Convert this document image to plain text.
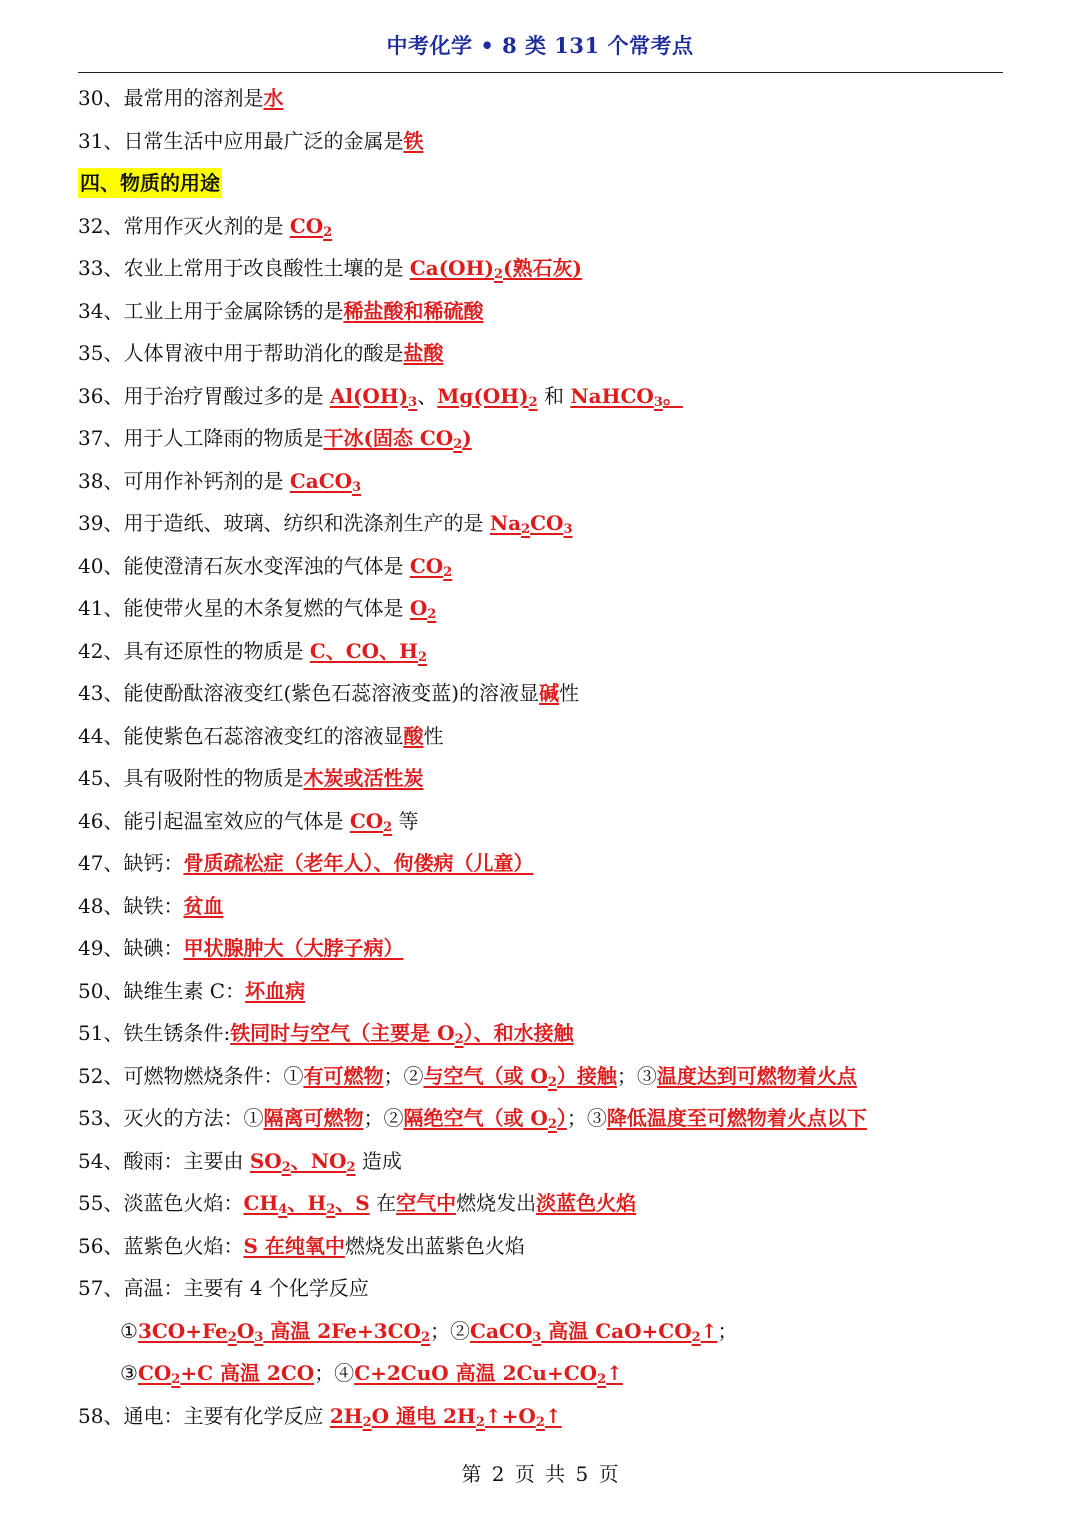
中考化学 • 8 类 131 个常考点
30、最常用的溶剂是水
31、日常生活中应用最广泛的金属是铁
四、物质的用途
32、常用作灭火剂的是 $CO_2$
33、农业上常用于改良酸性土壤的是 $Ca(OH)_2$(熟石灰)
34、工业上用于金属除锈的是稀盐酸和稀硫酸
35、人体胃液中用于帮助消化的酸是盐酸
36、用于治疗胃酸过多的是 $Al(OH)_3$、$Mg(OH)_2$ 和 NaHCO$_3$。
37、用于人工降雨的物质是干冰(固态 $CO_2$)
38、可用作补钙剂的是 CaCO$_3$
39、用于造纸、玻璃、纺织和洗涤剂生产的是 $Na_2CO_3$
40、能使澄清石灰水变浑浊的气体是 $CO_2$
41、能使带火星的木条复燃的气体是 $O_2$
42、具有还原性的物质是 C、CO、$H_2$
43、能使酚酞溶液变红(紫色石蕊溶液变蓝)的溶液显碱性
44、能使紫色石蕊溶液变红的溶液显酸性
45、具有吸附性的物质是木炭或活性炭
46、能引起温室效应的气体是 $CO_2$ 等
47、缺钙：骨质疏松症（老年人）、佝偻病（儿童）
48、缺铁：贫血
49、缺碘：甲状腺肿大（大脖子病）
50、缺维生素 C：坏血病
51、铁生锈条件:铁同时与空气（主要是 $O_2$）、和水接触
52、可燃物燃烧条件：①有可燃物；②与空气（或 $O_2$）接触；③温度达到可燃物着火点
53、灭火的方法：①隔离可燃物；②隔绝空气（或 $O_2$）；③降低温度至可燃物着火点以下
54、酸雨：主要由 $SO_2$、$NO_2$ 造成
55、淡蓝色火焰：$CH_4$、$H_2$、S 在空气中燃烧发出淡蓝色火焰
56、蓝紫色火焰：S 在纯氧中燃烧发出蓝紫色火焰
57、高温：主要有 4 个化学反应
$①3CO+Fe_2O_3$ 高温 $2Fe+3CO_2$；②CaCO$_3$ 高温 $CaO+CO_2↑$；
$③CO_2+C$ 高温 2CO；④C+2CuO 高温 $2Cu+CO_2↑$
58、通电：主要有化学反应 $2H_2O$ 通电 $2H_2↑+O_2↑$
第 2 页 共 5 页
